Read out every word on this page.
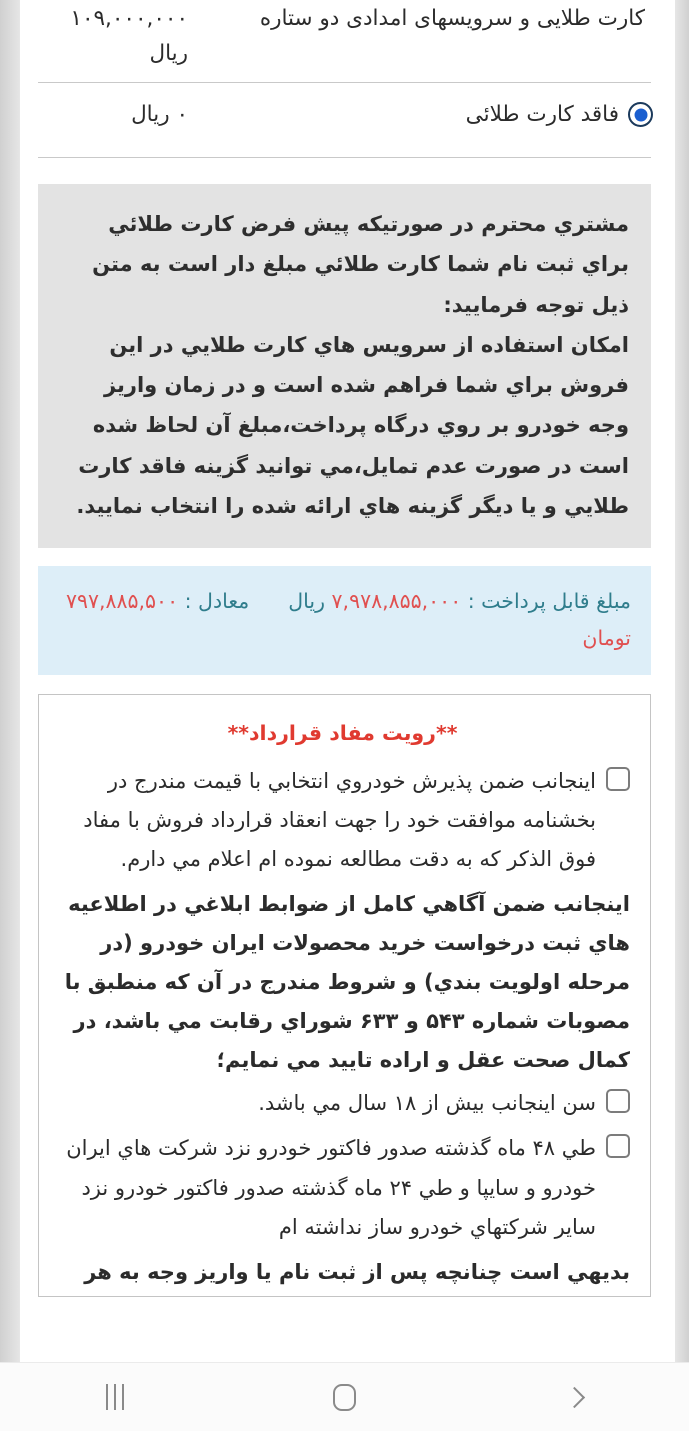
کارت طلایی و سرویسهای امدادی دو ستاره
۱۰۹,۰۰۰,۰۰۰
ریال
فاقد کارت طلائی
۰ ریال

مشتري محترم در صورتيكه پيش فرض كارت طلائي براي ثبت نام شما كارت طلائي مبلغ دار است به متن ذيل توجه فرماييد:

امكان استفاده از سرويس هاي كارت طلايي در اين فروش براي شما فراهم شده است و در زمان واريز وجه خودرو بر روي درگاه پرداخت،مبلغ آن لحاظ شده است در صورت عدم تمايل،مي توانيد گزينه فاقد كارت طلايي و يا ديگر گزينه هاي ارائه شده را انتخاب نماييد.

مبلغ قابل پرداخت : ۷,۹۷۸,۸۵۵,۰۰۰ ریال  معادل : ۷۹۷,۸۸۵,۵۰۰ تومان
**رویت مفاد قرارداد**
اینجانب ضمن پذیرش خودروي انتخابي با قیمت مندرج در بخشنامه موافقت خود را جهت انعقاد قرارداد فروش با مفاد فوق الذکر که به دقت مطالعه نموده ام اعلام مي دارم.
اینجانب ضمن آگاهي کامل از ضوابط ابلاغي در اطلاعیه هاي ثبت درخواست خرید محصولات ایران خودرو (در مرحله اولویت بندي) و شروط مندرج در آن که منطبق با مصوبات شماره ۵۴۳ و ۶۳۳ شوراي رقابت مي باشد، در کمال صحت عقل و اراده تایید مي نمایم؛
سن اینجانب بیش از ۱۸ سال مي باشد.
طي ۴۸ ماه گذشته صدور فاکتور خودرو نزد شرکت هاي ایران خودرو و سایپا و طي ۲۴ ماه گذشته صدور فاکتور خودرو نزد سایر شرکتهاي خودرو ساز نداشته ام
بدیهي است چنانچه پس از ثبت نام یا واریز وجه به هر
